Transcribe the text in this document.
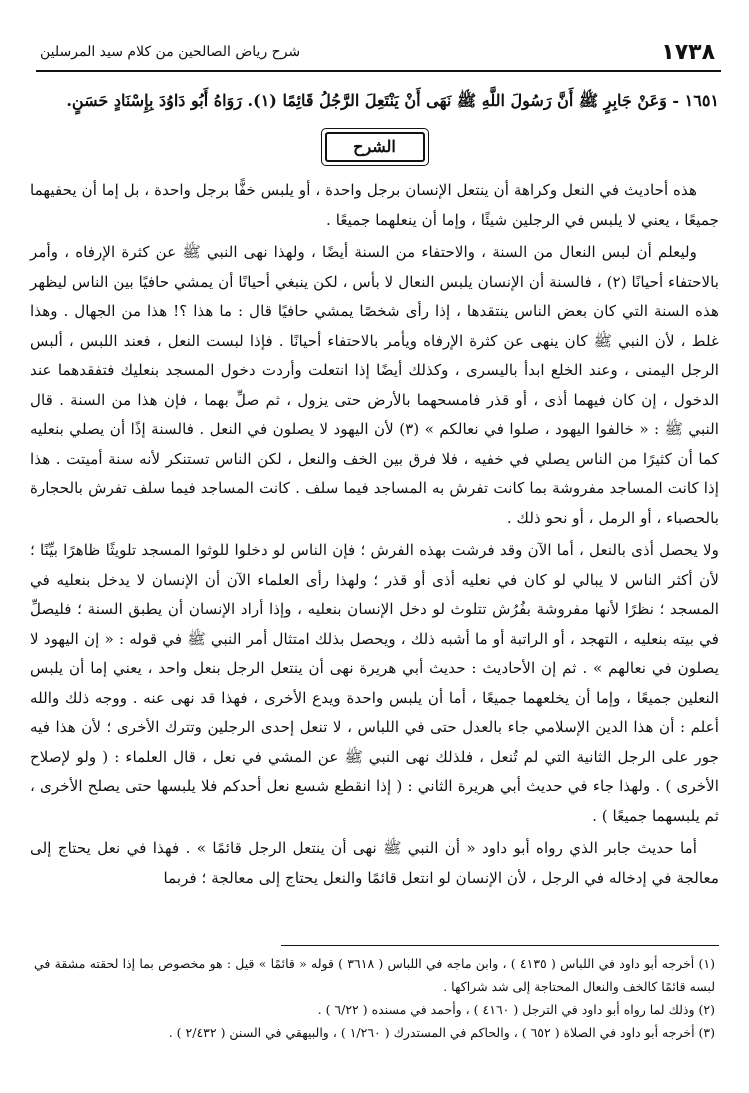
١٧٣٨
شرح رياض الصالحين من كلام سيد المرسلين
١٦٥١ - وَعَنْ جَابِرٍ ﷺ أَنَّ رَسُولَ اللَّهِ ﷺ نَهَى أَنْ يَنْتَعِلَ الرَّجُلُ قَائِمًا (١). رَوَاهُ أَبُو دَاوُدَ بِإِسْنَادٍ حَسَنٍ.
الشرح

هذه أحاديث في النعل وكراهة أن ينتعل الإنسان برجل واحدة ، أو يلبس خفًّا برجل واحدة ، بل إما أن يحفيهما جميعًا ، يعني لا يلبس في الرجلين شيئًا ، وإما أن ينعلهما جميعًا .

وليعلم أن لبس النعال من السنة ، والاحتفاء من السنة أيضًا ، ولهذا نهى النبي ﷺ عن كثرة الإرفاه ، وأمر بالاحتفاء أحيانًا (٢) ، فالسنة أن الإنسان يلبس النعال لا بأس ، لكن ينبغي أحيانًا أن يمشي حافيًا بين الناس ليظهر هذه السنة التي كان بعض الناس ينتقدها ، إذا رأى شخصًا يمشي حافيًا قال : ما هذا ؟! هذا من الجهال . وهذا غلط ، لأن النبي ﷺ كان ينهى عن كثرة الإرفاه ويأمر بالاحتفاء أحيانًا . فإذا لبست النعل ، فعند اللبس ، ألبس الرجل اليمنى ، وعند الخلع ابدأ باليسرى ، وكذلك أيضًا إذا انتعلت وأردت دخول المسجد بنعليك فتفقدهما عند الدخول ، إن كان فيهما أذى ، أو قذر فامسحهما بالأرض حتى يزول ، ثم صلِّ بهما ، فإن هذا من السنة . قال النبي ﷺ : « خالفوا اليهود ، صلوا في نعالكم » (٣) لأن اليهود لا يصلون في النعل . فالسنة إذًا أن يصلي بنعليه كما أن كثيرًا من الناس يصلي في خفيه ، فلا فرق بين الخف والنعل ، لكن الناس تستنكر لأنه سنة أميتت . هذا إذا كانت المساجد مفروشة بما كانت تفرش به المساجد فيما سلف . كانت المساجد فيما سلف تفرش بالحجارة بالحصباء ، أو الرمل ، أو نحو ذلك .

ولا يحصل أذى بالنعل ، أما الآن وقد فرشت بهذه الفرش ؛ فإن الناس لو دخلوا للوثوا المسجد تلويثًا ظاهرًا بيِّنًا ؛ لأن أكثر الناس لا يبالي لو كان في نعليه أذى أو قذر ؛ ولهذا رأى العلماء الآن أن الإنسان لا يدخل بنعليه في المسجد ؛ نظرًا لأنها مفروشة بفُرُش تتلوث لو دخل الإنسان بنعليه ، وإذا أراد الإنسان أن يطبق السنة ؛ فليصلِّ في بيته بنعليه ، التهجد ، أو الراتبة أو ما أشبه ذلك ، ويحصل بذلك امتثال أمر النبي ﷺ في قوله : « إن اليهود لا يصلون في نعالهم » . ثم إن الأحاديث : حديث أبي هريرة نهى أن ينتعل الرجل بنعل واحد ، يعني إما أن يلبس النعلين جميعًا ، وإما أن يخلعهما جميعًا ، أما أن يلبس واحدة ويدع الأخرى ، فهذا قد نهى عنه . ووجه ذلك والله أعلم : أن هذا الدين الإسلامي جاء بالعدل حتى في اللباس ، لا تنعل إحدى الرجلين وتترك الأخرى ؛ لأن هذا فيه جور على الرجل الثانية التي لم تُنعل ، فلذلك نهى النبي ﷺ عن المشي في نعل ، قال العلماء : ( ولو لإصلاح الأخرى ) . ولهذا جاء في حديث أبي هريرة الثاني : ( إذا انقطع شسع نعل أحدكم فلا يلبسها حتى يصلح الأخرى ، ثم يلبسهما جميعًا ) .

أما حديث جابر الذي رواه أبو داود « أن النبي ﷺ نهى أن ينتعل الرجل قائمًا » . فهذا في نعل يحتاج إلى معالجة في إدخاله في الرجل ، لأن الإنسان لو انتعل قائمًا والنعل يحتاج إلى معالجة ؛ فربما

(١) أخرجه أبو داود في اللباس ( ٤١٣٥ ) ، وابن ماجه في اللباس ( ٣٦١٨ ) قوله « قائمًا » قيل : هو مخصوص بما إذا لحقته مشقة في لبسه قائمًا كالخف والنعال المحتاجة إلى شد شراكها .
(٢) وذلك لما رواه أبو داود في الترجل ( ٤١٦٠ ) ، وأحمد في مسنده ( ٦/٢٢ ) .
(٣) أخرجه أبو داود في الصلاة ( ٦٥٢ ) ، والحاكم في المستدرك ( ١/٢٦٠ ) ، والبيهقي في السنن ( ٢/٤٣٢ ) .
